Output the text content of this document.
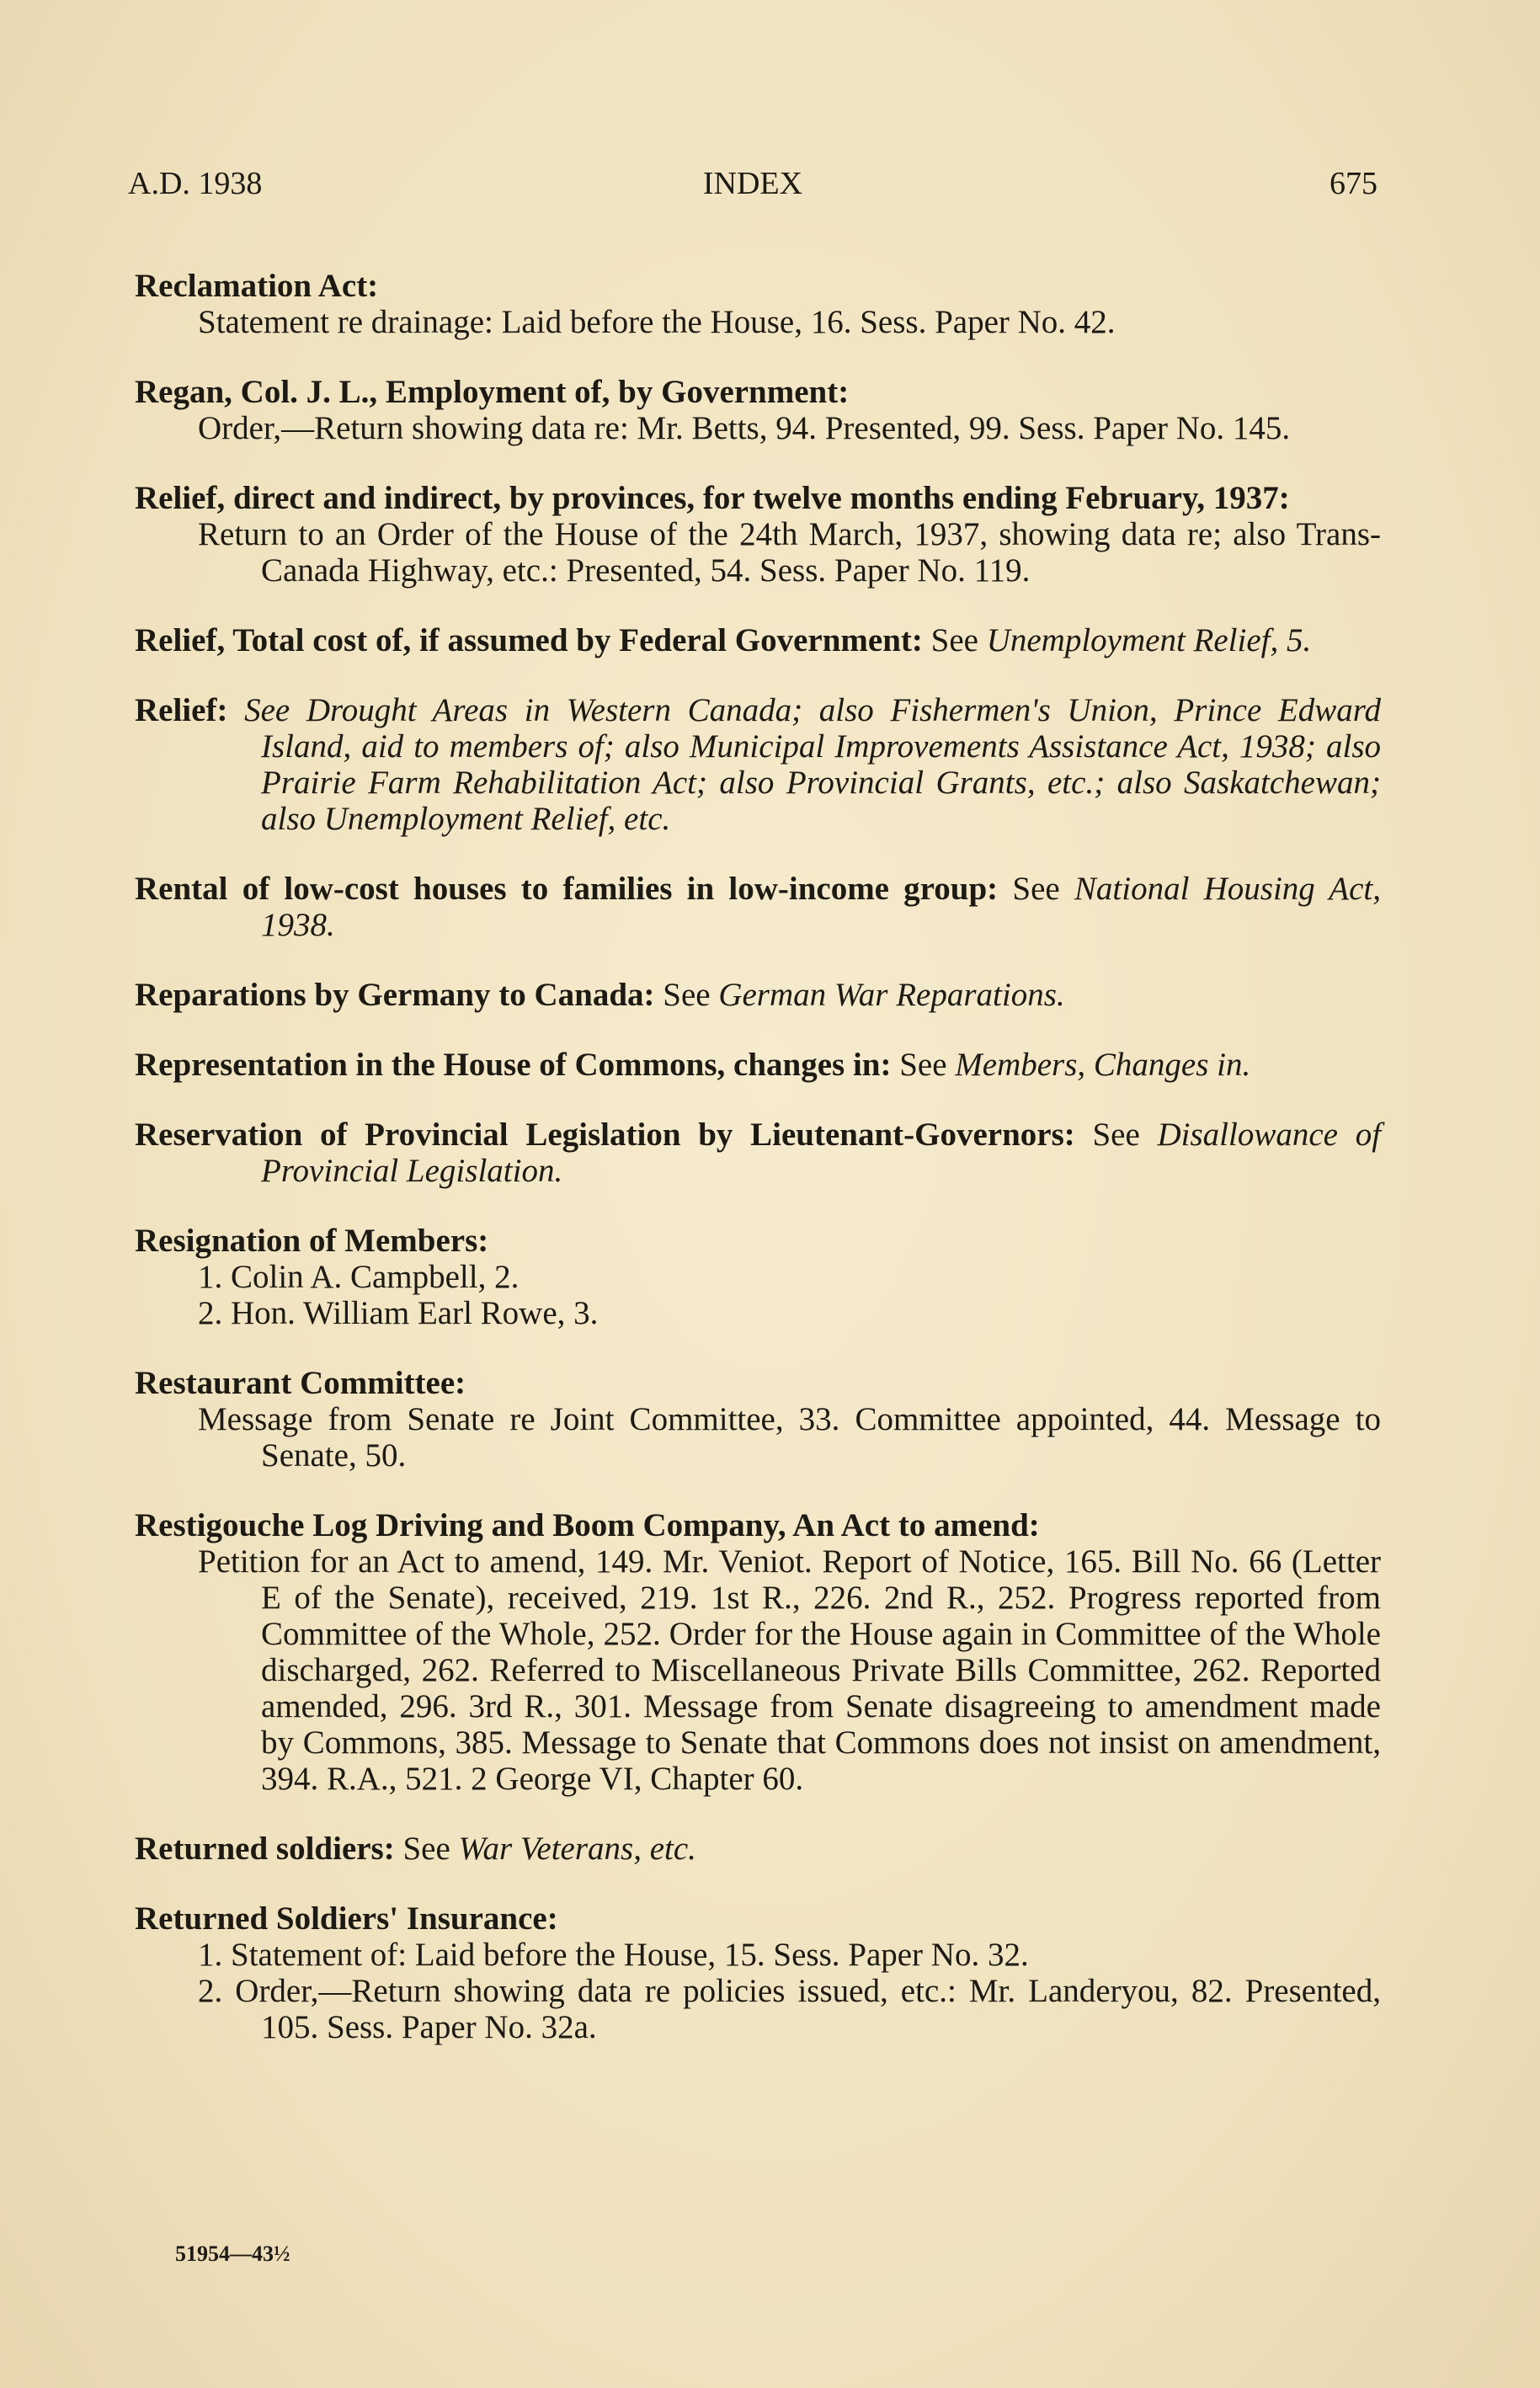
A.D. 1938	INDEX	675

Reclamation Act:

Statement re drainage: Laid before the House, 16. Sess. Paper No. 42.

Regan, Col. J. L., Employment of, by Government:

Order,—Return showing data re: Mr. Betts, 94. Presented, 99. Sess. Paper No. 145.

Relief, direct and indirect, by provinces, for twelve months ending February, 1937:

Return to an Order of the House of the 24th March, 1937, showing data re; also Trans-Canada Highway, etc.: Presented, 54. Sess. Paper No. 119.

Relief, Total cost of, if assumed by Federal Government: See Unemployment Relief, 5.

Relief: See Drought Areas in Western Canada; also Fishermen's Union, Prince Edward Island, aid to members of; also Municipal Improvements Assistance Act, 1938; also Prairie Farm Rehabilitation Act; also Provincial Grants, etc.; also Saskatchewan; also Unemployment Relief, etc.

Rental of low-cost houses to families in low-income group: See National Housing Act, 1938.

Reparations by Germany to Canada: See German War Reparations.

Representation in the House of Commons, changes in: See Members, Changes in.

Reservation of Provincial Legislation by Lieutenant-Governors: See Disallowance of Provincial Legislation.

Resignation of Members:

1. Colin A. Campbell, 2.

2. Hon. William Earl Rowe, 3.

Restaurant Committee:

Message from Senate re Joint Committee, 33. Committee appointed, 44. Message to Senate, 50.

Restigouche Log Driving and Boom Company, An Act to amend:

Petition for an Act to amend, 149. Mr. Veniot. Report of Notice, 165. Bill No. 66 (Letter E of the Senate), received, 219. 1st R., 226. 2nd R., 252. Progress reported from Committee of the Whole, 252. Order for the House again in Committee of the Whole discharged, 262. Referred to Miscellaneous Private Bills Committee, 262. Reported amended, 296. 3rd R., 301. Message from Senate disagreeing to amendment made by Commons, 385. Message to Senate that Commons does not insist on amendment, 394. R.A., 521. 2 George VI, Chapter 60.

Returned soldiers: See War Veterans, etc.

Returned Soldiers' Insurance:

1. Statement of: Laid before the House, 15. Sess. Paper No. 32.

2. Order,—Return showing data re policies issued, etc.: Mr. Landeryou, 82. Presented, 105. Sess. Paper No. 32a.

51954—43½
